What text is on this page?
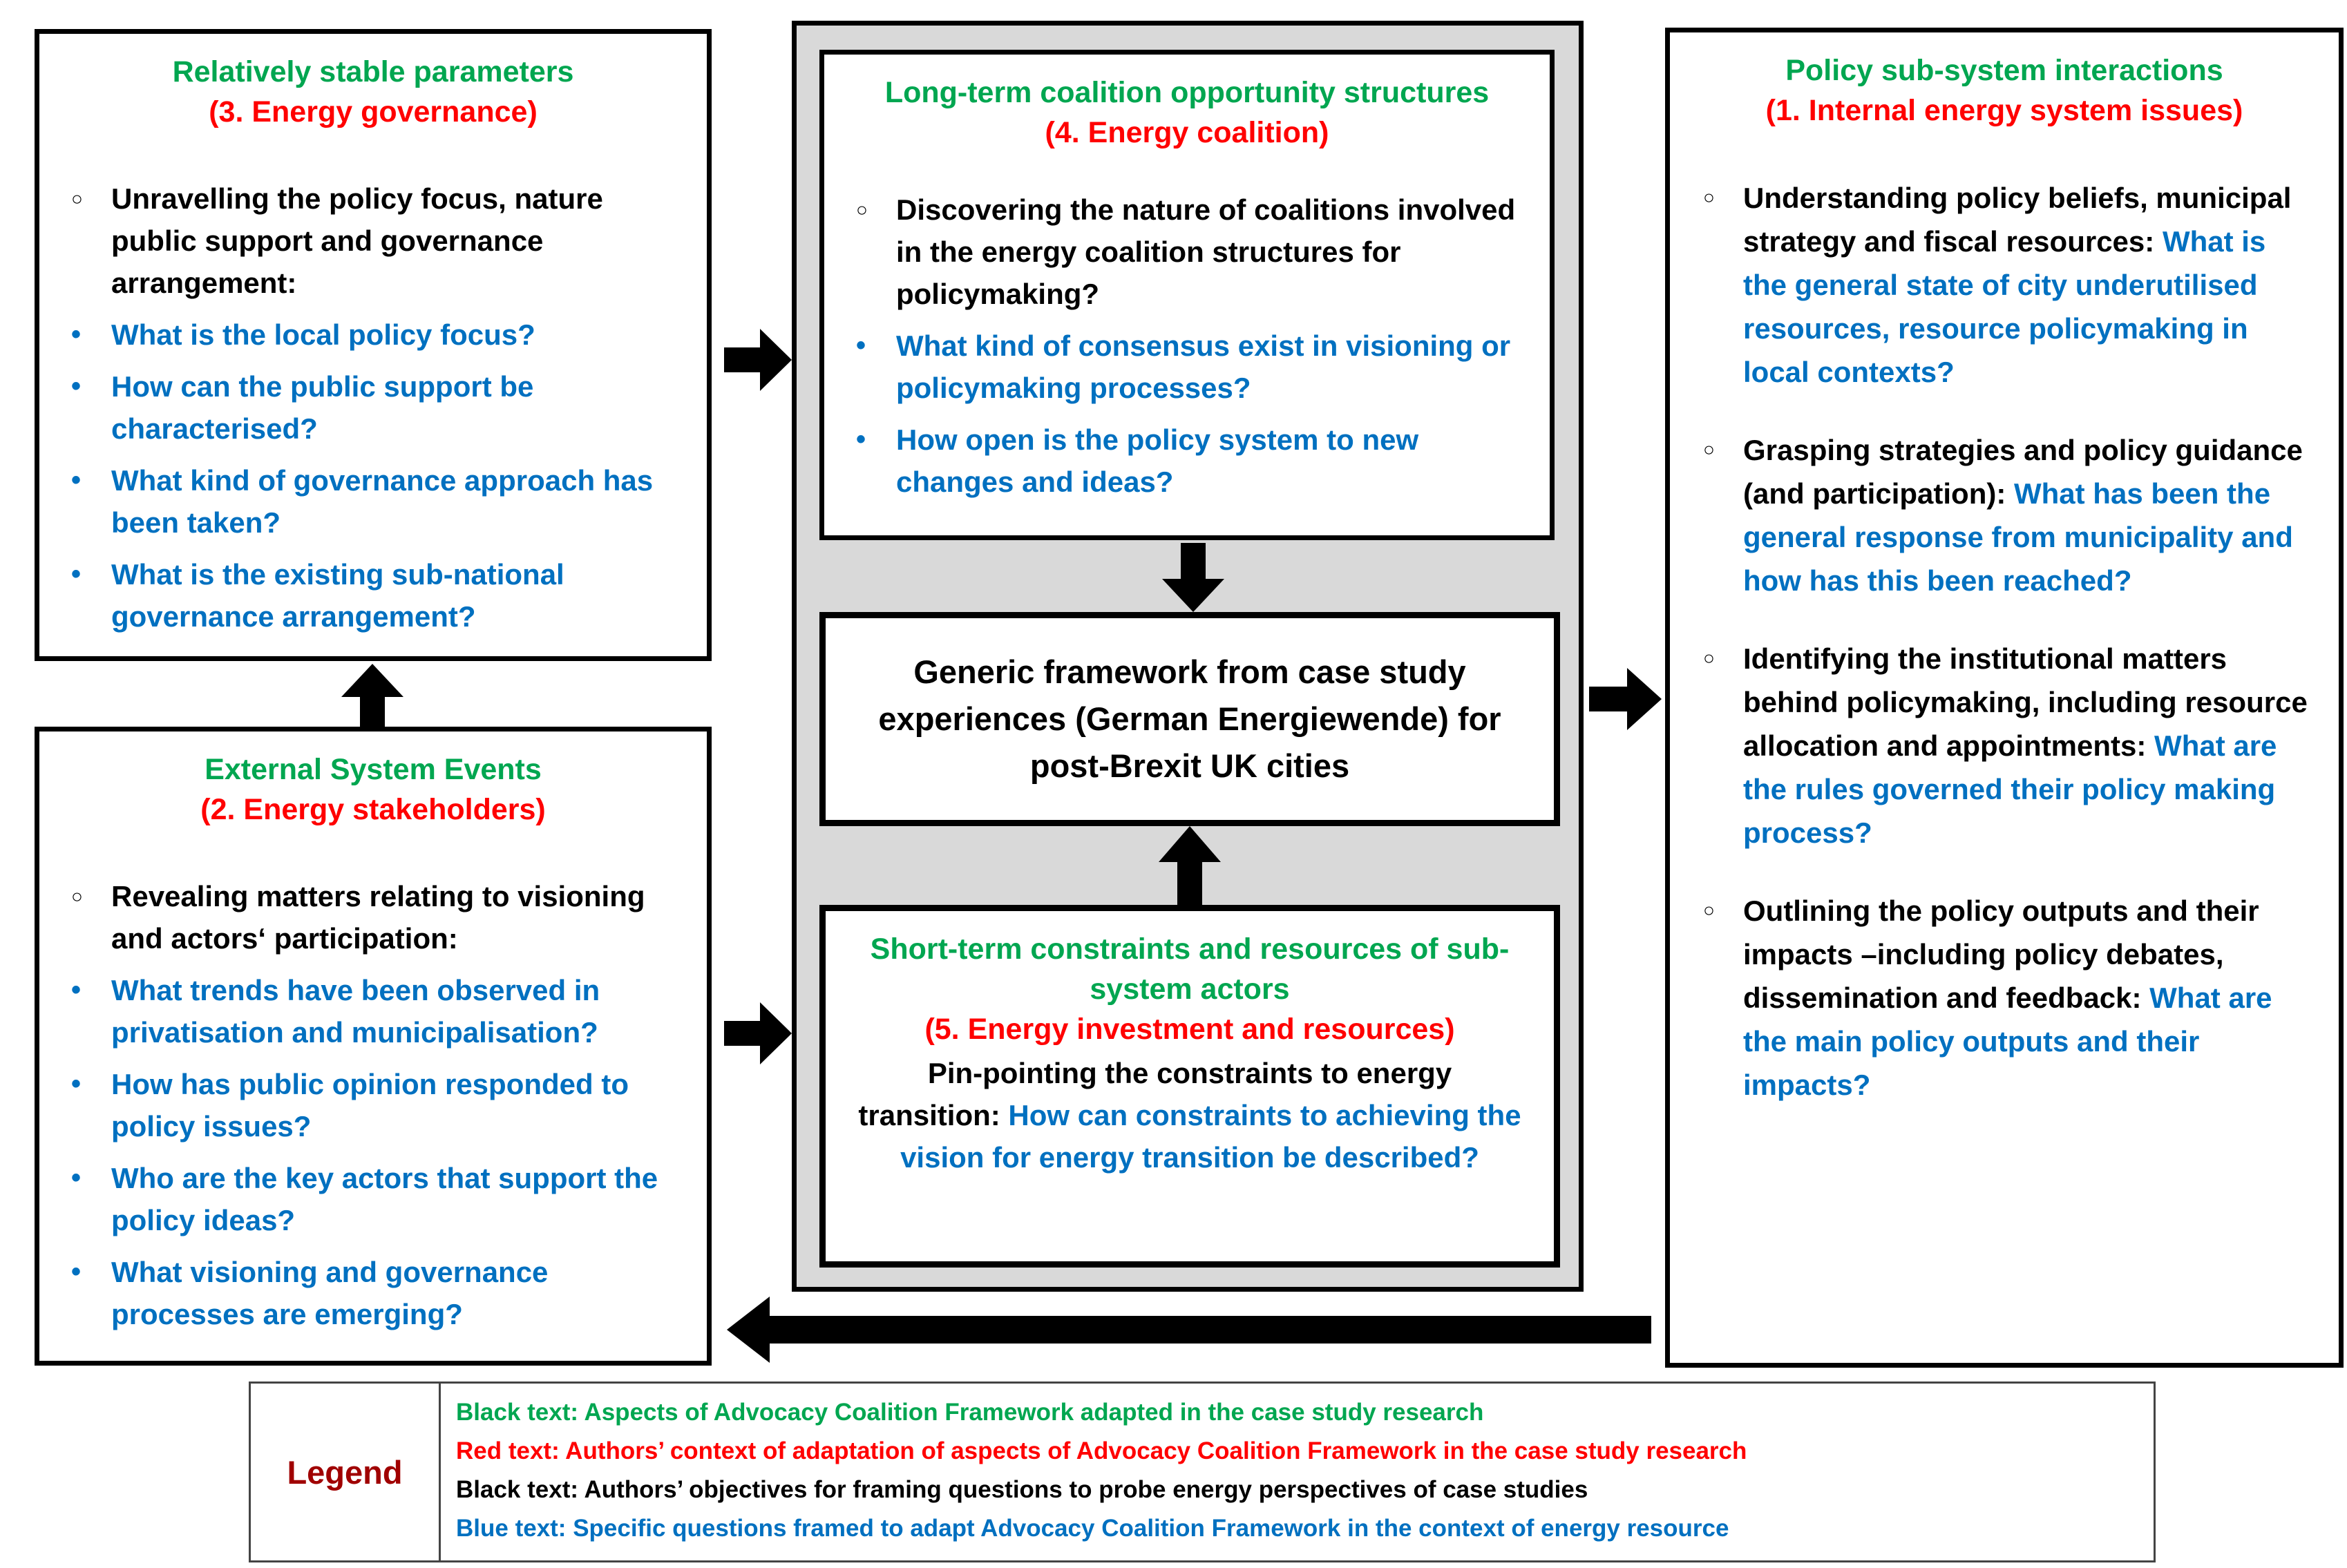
Relatively stable parameters
(3. Energy governance)
○ Unravelling the policy focus, nature public support and governance arrangement:
•	What is the local policy focus?
•	How can the public support be characterised?
•	What kind of governance approach has been taken?
•	What is the existing sub-national governance arrangement?
External System Events
(2. Energy stakeholders)
○ Revealing matters relating to visioning and actors‘ participation:
•	What trends have been observed in privatisation and municipalisation?
•	How has public opinion responded to policy issues?
•	Who are the key actors that support the policy ideas?
•	What visioning and governance processes are emerging?
Long-term coalition opportunity structures
(4. Energy coalition)
○ Discovering the nature of coalitions involved in the energy coalition structures for policymaking?
•	What kind of consensus exist in visioning or policymaking processes?
•	How open is the policy system to new changes and ideas?
Generic framework from case study experiences (German Energiewende) for post-Brexit UK cities
Short-term constraints and resources of sub-system actors
(5. Energy investment and resources)
Pin-pointing the constraints to energy transition: How can constraints to achieving the vision for energy transition be described?
Policy sub-system interactions
(1. Internal energy system issues)
○ Understanding policy beliefs, municipal strategy and fiscal resources: What is the general state of city underutilised resources, resource policymaking in local contexts?
○ Grasping strategies and policy guidance (and participation): What has been the general response from municipality and how has this been reached?
○ Identifying the institutional matters behind policymaking, including resource allocation and appointments: What are the rules governed their policy making process?
○ Outlining the policy outputs and their impacts –including policy debates, dissemination and feedback: What are the main policy outputs and their impacts?
Legend
Black text: Aspects of Advocacy Coalition Framework adapted in the case study research
Red text: Authors’ context of adaptation of aspects of Advocacy Coalition Framework in the case study research
Black text: Authors’ objectives for framing questions to probe energy perspectives of case studies
Blue text: Specific questions framed to adapt Advocacy Coalition Framework in the context of energy resource
